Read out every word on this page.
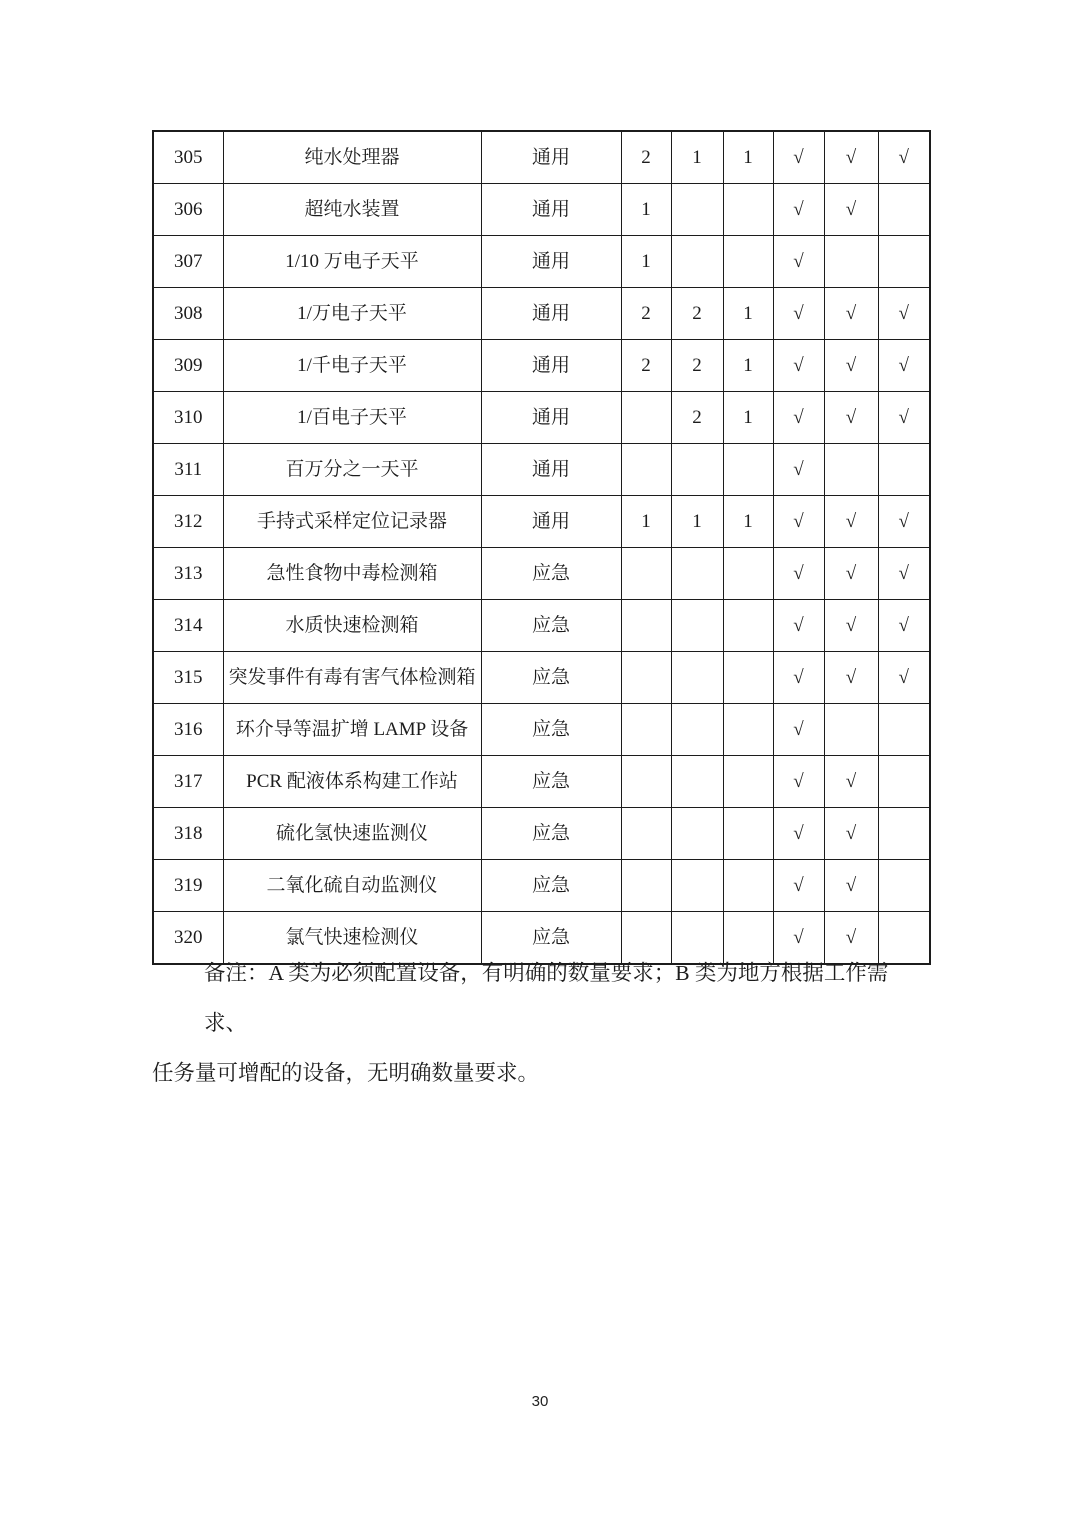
305	纯水处理器	通用	2	1	1	√	√	√
306	超纯水装置	通用	1			√	√	
307	1/10 万电子天平	通用	1			√		
308	1/万电子天平	通用	2	2	1	√	√	√
309	1/千电子天平	通用	2	2	1	√	√	√
310	1/百电子天平	通用		2	1	√	√	√
311	百万分之一天平	通用				√		
312	手持式采样定位记录器	通用	1	1	1	√	√	√
313	急性食物中毒检测箱	应急				√	√	√
314	水质快速检测箱	应急				√	√	√
315	突发事件有毒有害气体检测箱	应急				√	√	√
316	环介导等温扩增 LAMP 设备	应急				√		
317	PCR 配液体系构建工作站	应急				√	√	
318	硫化氢快速监测仪	应急				√	√	
319	二氧化硫自动监测仪	应急				√	√	
320	氯气快速检测仪	应急				√	√	
备注：A 类为必须配置设备，有明确的数量要求；B 类为地方根据工作需求、
任务量可增配的设备，无明确数量要求。
30
